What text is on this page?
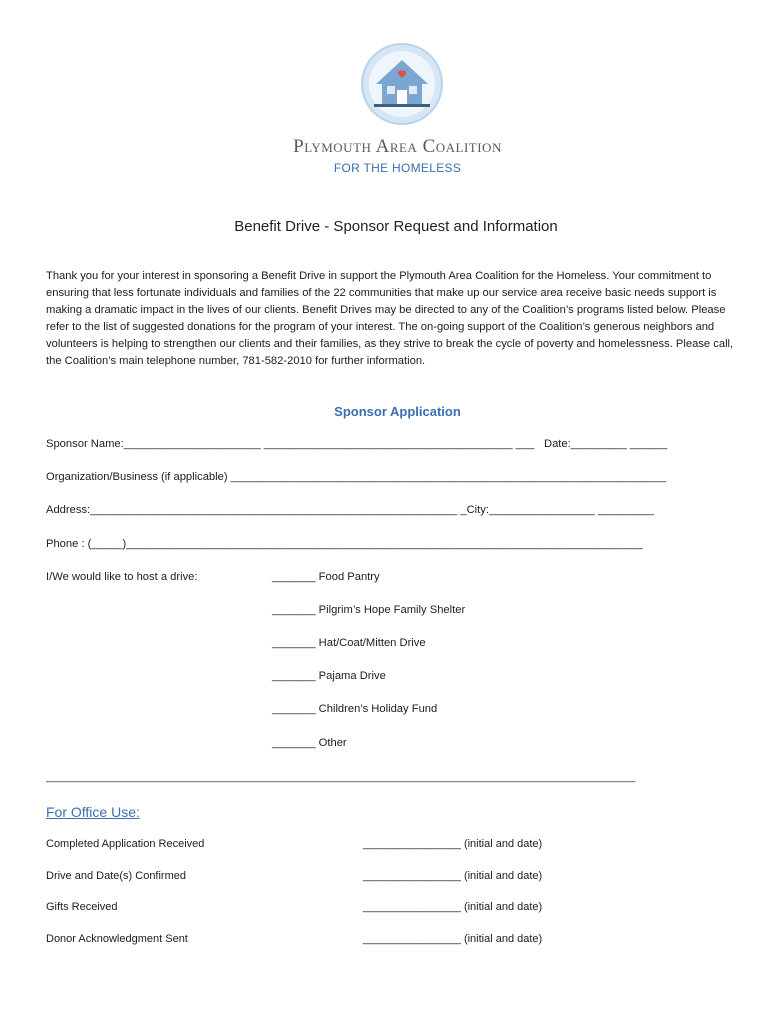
Plymouth Area Coalition
FOR THE HOMELESS
Benefit Drive - Sponsor Request and Information
Thank you for your interest in sponsoring a Benefit Drive in support the Plymouth Area Coalition for the Homeless. Your commitment to ensuring that less fortunate individuals and families of the 22 communities that make up our service area receive basic needs support is making a dramatic impact in the lives of our clients. Benefit Drives may be directed to any of the Coalition’s programs listed below. Please refer to the list of suggested donations for the program of your interest. The on-going support of the Coalition’s generous neighbors and volunteers is helping to strengthen our clients and their families, as they strive to break the cycle of poverty and homelessness. Please call, the Coalition’s main telephone number, 781-582-2010 for further information.
Sponsor Application
Sponsor Name:______________________ ________________________________________ ___ Date:_________ ______
Organization/Business (if applicable) ______________________________________________________________________
Address:___________________________________________________________ _City:_________________ _________
Phone : (_____)___________________________________________________________________________________
I/We would like to host a drive:	_______ Food Pantry
_______ Pilgrim’s Hope Family Shelter
_______ Hat/Coat/Mitten Drive
_______ Pajama Drive
_______ Children’s Holiday Fund
_______ Other
______________________________________________________________________________________________________
For Office Use:
Completed Application Received	________________ (initial and date)
Drive and Date(s) Confirmed	________________ (initial and date)
Gifts Received	________________ (initial and date)
Donor Acknowledgment Sent	________________ (initial and date)
